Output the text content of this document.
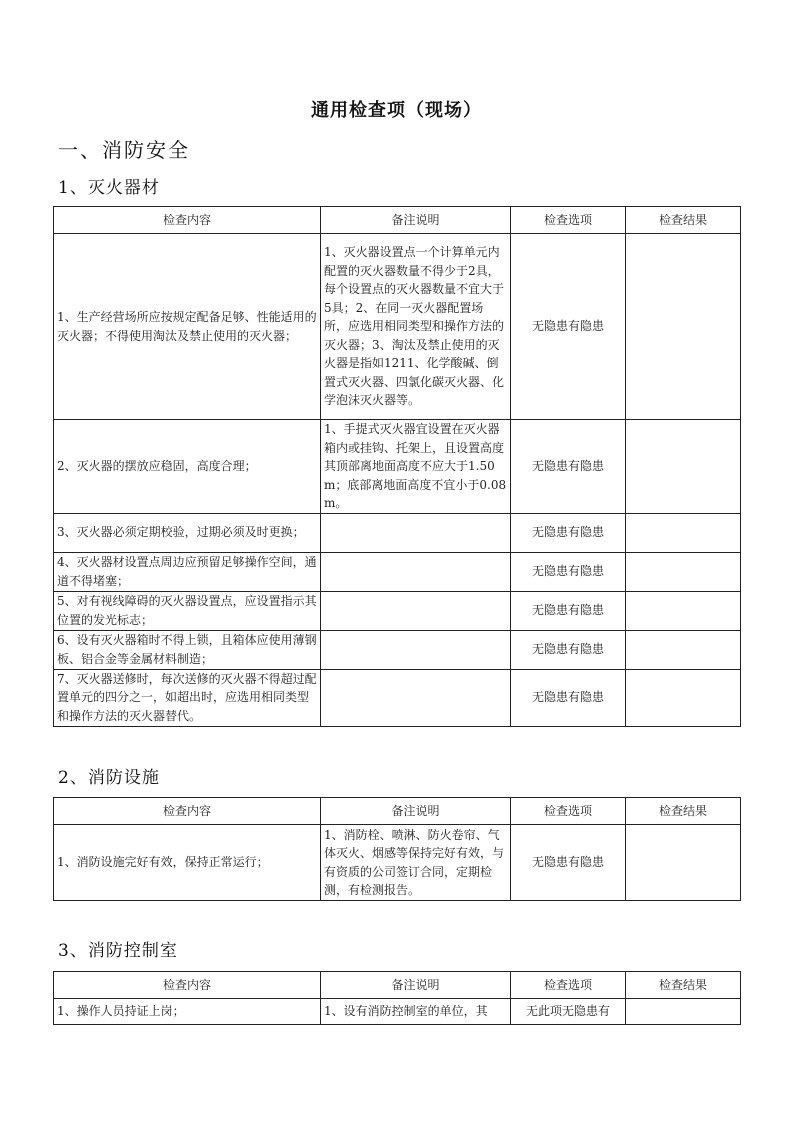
通用检查项（现场）
一、消防安全
1、灭火器材
检查内容	备注说明	检查选项	检查结果
1、生产经营场所应按规定配备足够、性能适用的灭火器；不得使用淘汰及禁止使用的灭火器；	1、灭火器设置点一个计算单元内配置的灭火器数量不得少于2具，每个设置点的灭火器数量不宜大于5具；2、在同一灭火器配置场所，应选用相同类型和操作方法的灭火器；3、淘汰及禁止使用的灭火器是指如1211、化学酸碱、倒置式灭火器、四氯化碳灭火器、化学泡沫灭火器等。	无隐患有隐患	
2、灭火器的摆放应稳固，高度合理；	1、手提式灭火器宜设置在灭火器箱内或挂钩、托架上，且设置高度其顶部离地面高度不应大于1.50m；底部离地面高度不宜小于0.08m。	无隐患有隐患	
3、灭火器必须定期校验，过期必须及时更换；		无隐患有隐患	
4、灭火器材设置点周边应预留足够操作空间，通道不得堵塞；		无隐患有隐患	
5、对有视线障碍的灭火器设置点，应设置指示其位置的发光标志；		无隐患有隐患	
6、设有灭火器箱时不得上锁，且箱体应使用薄钢板、铝合金等金属材料制造；		无隐患有隐患	
7、灭火器送修时，每次送修的灭火器不得超过配置单元的四分之一，如超出时，应选用相同类型和操作方法的灭火器替代。		无隐患有隐患	
2、消防设施
检查内容	备注说明	检查选项	检查结果
1、消防设施完好有效，保持正常运行；	1、消防栓、喷淋、防火卷帘、气体灭火、烟感等保持完好有效，与有资质的公司签订合同，定期检测，有检测报告。	无隐患有隐患	
3、消防控制室
检查内容	备注说明	检查选项	检查结果
1、操作人员持证上岗；	1、设有消防控制室的单位，其	无此项无隐患有	
